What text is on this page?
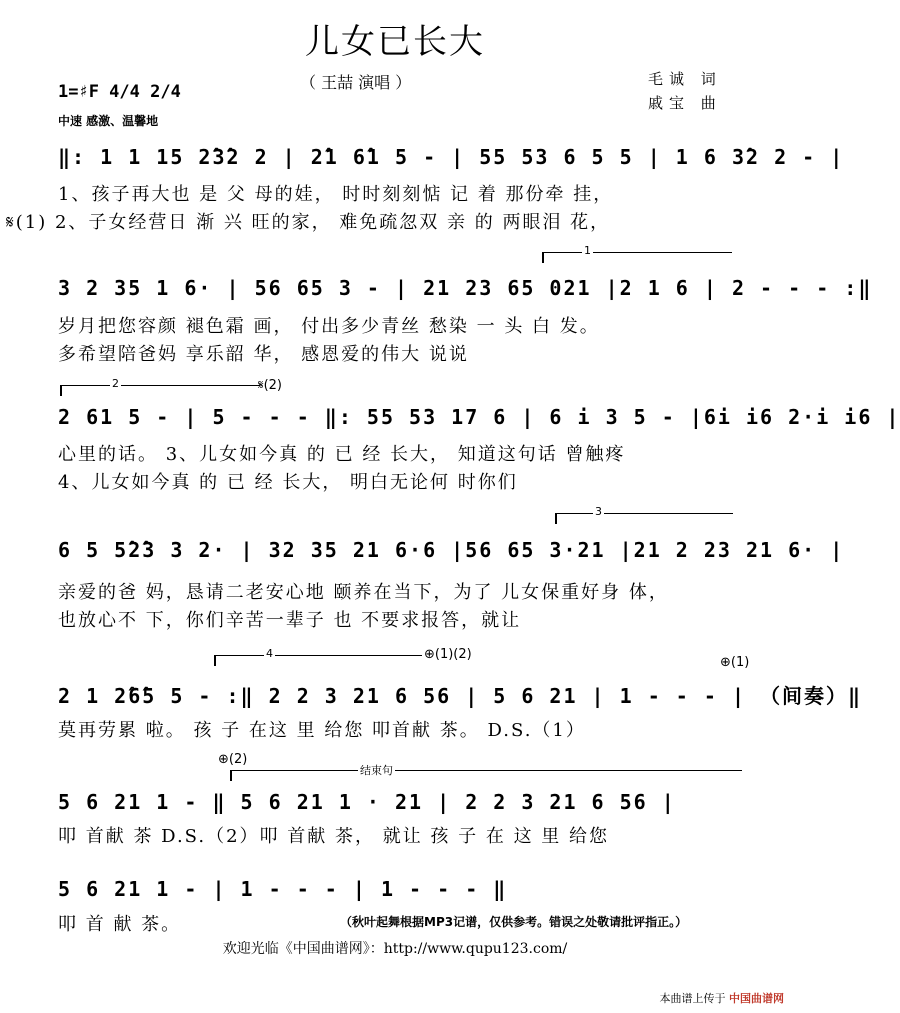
儿女已长大
（ 王喆 演唱 ）	毛诚 词
戚宝 曲
1=♯F 4/4 2/4
中速 感激、温馨地
‖: 1 1 15 2̂3̂2 2 | 2̂1 6̂1 5 - | 55 53 6 5 5 | 1 6 3̂2 2 - |
1、孩子再大也 是 父 母的娃， 时时刻刻惦 记 着 那份牵 挂，
𝄋(1) 2、子女经营日 渐 兴 旺的家， 难免疏忽双 亲 的 两眼泪 花，
1
3 2 35 1 6· | 56 65 3 - | 21 23 65 021 |2 1 6 | 2 - - - :‖
岁月把您容颜 褪色霜 画， 付出多少青丝 愁染 一 头 白 发。
多希望陪爸妈 享乐韶 华， 感恩爱的伟大 说说
2	𝄋(2)
2 61 5 - | 5 - - - ‖: 55 53 17 6 | 6 i 3 5 - |6i i6 2·i i6 |
心里的话。 3、儿女如今真 的 已 经 长大， 知道这句话 曾触疼
4、儿女如今真 的 已 经 长大， 明白无论何 时你们
3
6 5 5̂2̂3 3 2· | 32 35 21 6·6 |56 65 3·21 |21 2 23 21 6· |
亲爱的爸 妈，恳请二老安心地 颐养在当下，为了 儿女保重好身 体，
也放心不 下，你们辛苦一辈子 也 不要求报答，就让
4	⊕(1)(2)
⊕(1)
2 1 2̂6̂5 5 - :‖ 2 2 3 21 6 56 | 5 6 21 | 1 - - - | （间奏）‖
莫再劳累 啦。 孩 子 在这 里 给您 叩首献 茶。 D.S.（1）
⊕(2)
结束句
5 6 21 1 - ‖ 5 6 21 1 · 21 | 2 2 3 21 6 56 |
叩 首献 茶 D.S.（2）叩 首献 茶， 就让 孩 子 在 这 里 给您
5 6 21 1 - | 1 - - - | 1 - - - ‖
叩 首 献 茶。	（秋叶起舞根据MP3记谱，仅供参考。错误之处敬请批评指正。）
欢迎光临《中国曲谱网》：http://www.qupu123.com/
本曲谱上传于 中国曲谱网
